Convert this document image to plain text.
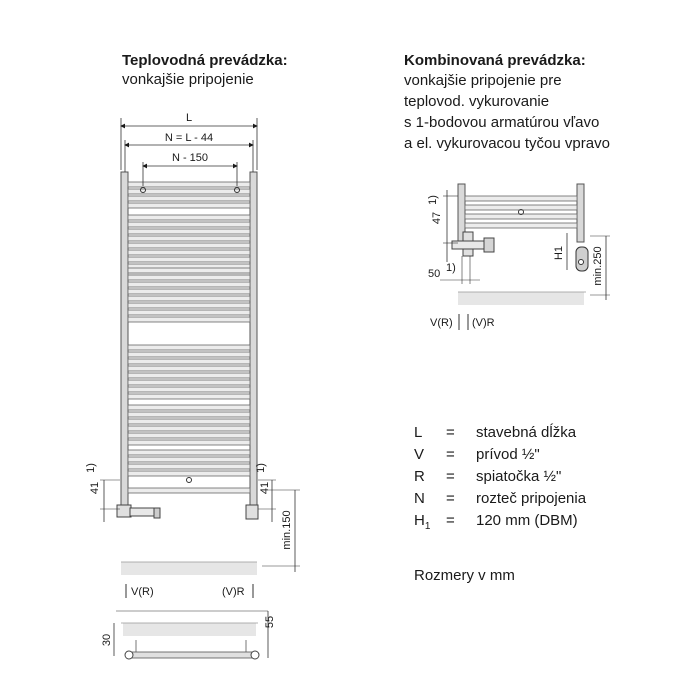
Teplovodná prevádzka:
vonkajšie pripojenie
Kombinovaná prevádzka:
vonkajšie pripojenie pre
teplovod. vykurovanie
s 1-bodovou armatúrou vľavo
a el. vykurovacou tyčou vpravo
L
N = L - 44
N - 150
41
1)
41
1)
min.150
V(R)	(V)R
30
55
47
1)
50 1)
H1 min.250
V(R) (V)R
L	=	stavebná dĺžka
V	=	prívod ½"
R	=	spiatočka ½"
N	=	rozteč pripojenia
$H_1$	=	120 mm (DBM)
Rozmery v mm
